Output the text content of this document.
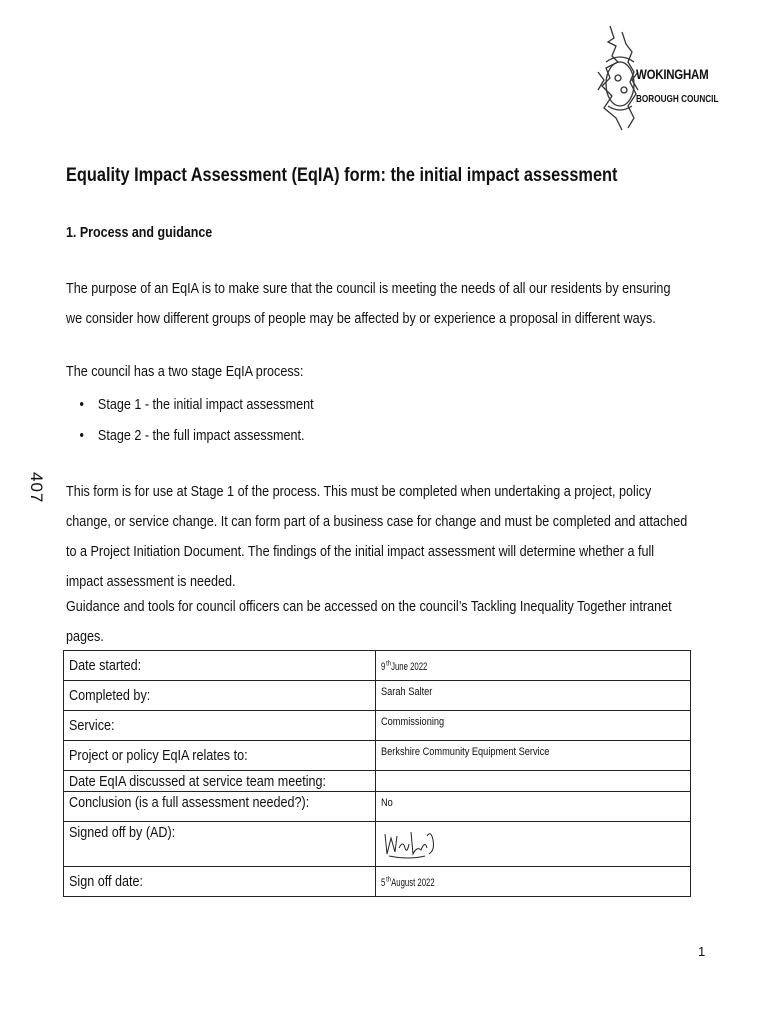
WOKINGHAM
BOROUGH COUNCIL
407
Equality Impact Assessment (EqIA) form: the initial impact assessment
1. Process and guidance
The purpose of an EqIA is to make sure that the council is meeting the needs of all our residents by ensuring we consider how different groups of people may be affected by or experience a proposal in different ways.
The council has a two stage EqIA process:
• Stage 1 - the initial impact assessment
• Stage 2 - the full impact assessment.
This form is for use at Stage 1 of the process. This must be completed when undertaking a project, policy change, or service change. It can form part of a business case for change and must be completed and attached to a Project Initiation Document. The findings of the initial impact assessment will determine whether a full impact assessment is needed.
Guidance and tools for council officers can be accessed on the council’s Tackling Inequality Together intranet pages.
Date started:	9thJune 2022
Completed by:	Sarah Salter
Service:	Commissioning
Project or policy EqIA relates to:	Berkshire Community Equipment Service
Date EqIA discussed at service team meeting:	
Conclusion (is a full assessment needed?):	No
Signed off by (AD):	

Sign off date:	5thAugust 2022
1
